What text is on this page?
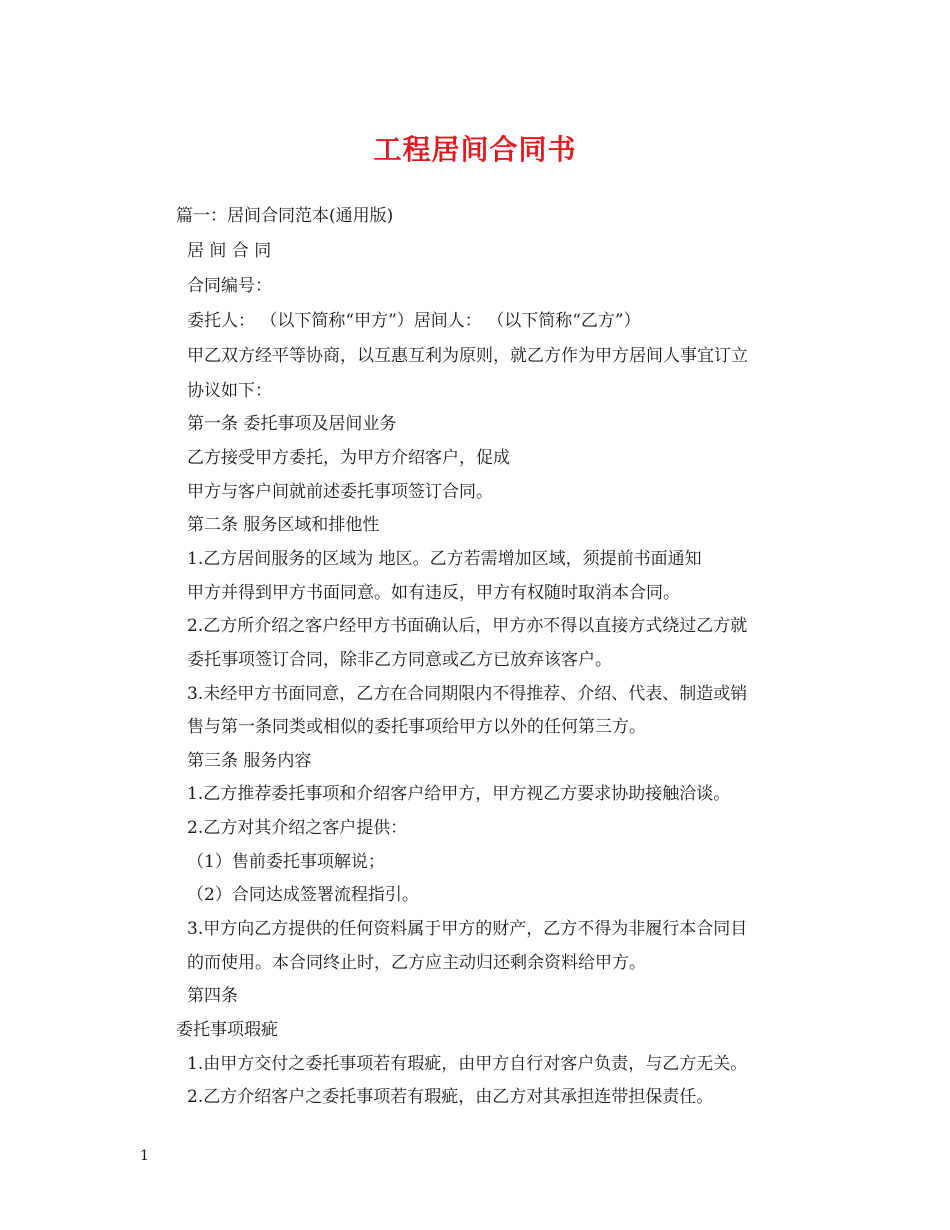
工程居间合同书
篇一：居间合同范本(通用版)
居 间 合 同
合同编号：
委托人： （以下简称“甲方”）居间人： （以下简称“乙方”）
甲乙双方经平等协商，以互惠互利为原则，就乙方作为甲方居间人事宜订立
协议如下：
第一条 委托事项及居间业务
乙方接受甲方委托，为甲方介绍客户，促成
甲方与客户间就前述委托事项签订合同。
第二条 服务区域和排他性
1.乙方居间服务的区域为 地区。乙方若需增加区域，须提前书面通知
甲方并得到甲方书面同意。如有违反，甲方有权随时取消本合同。
2.乙方所介绍之客户经甲方书面确认后，甲方亦不得以直接方式绕过乙方就
委托事项签订合同，除非乙方同意或乙方已放弃该客户。
3.未经甲方书面同意，乙方在合同期限内不得推荐、介绍、代表、制造或销
售与第一条同类或相似的委托事项给甲方以外的任何第三方。
第三条 服务内容
1.乙方推荐委托事项和介绍客户给甲方，甲方视乙方要求协助接触洽谈。
2.乙方对其介绍之客户提供：
（1）售前委托事项解说；
（2）合同达成签署流程指引。
3.甲方向乙方提供的任何资料属于甲方的财产，乙方不得为非履行本合同目
的而使用。本合同终止时，乙方应主动归还剩余资料给甲方。
第四条
委托事项瑕疵
1.由甲方交付之委托事项若有瑕疵，由甲方自行对客户负责，与乙方无关。
2.乙方介绍客户之委托事项若有瑕疵，由乙方对其承担连带担保责任。
1
